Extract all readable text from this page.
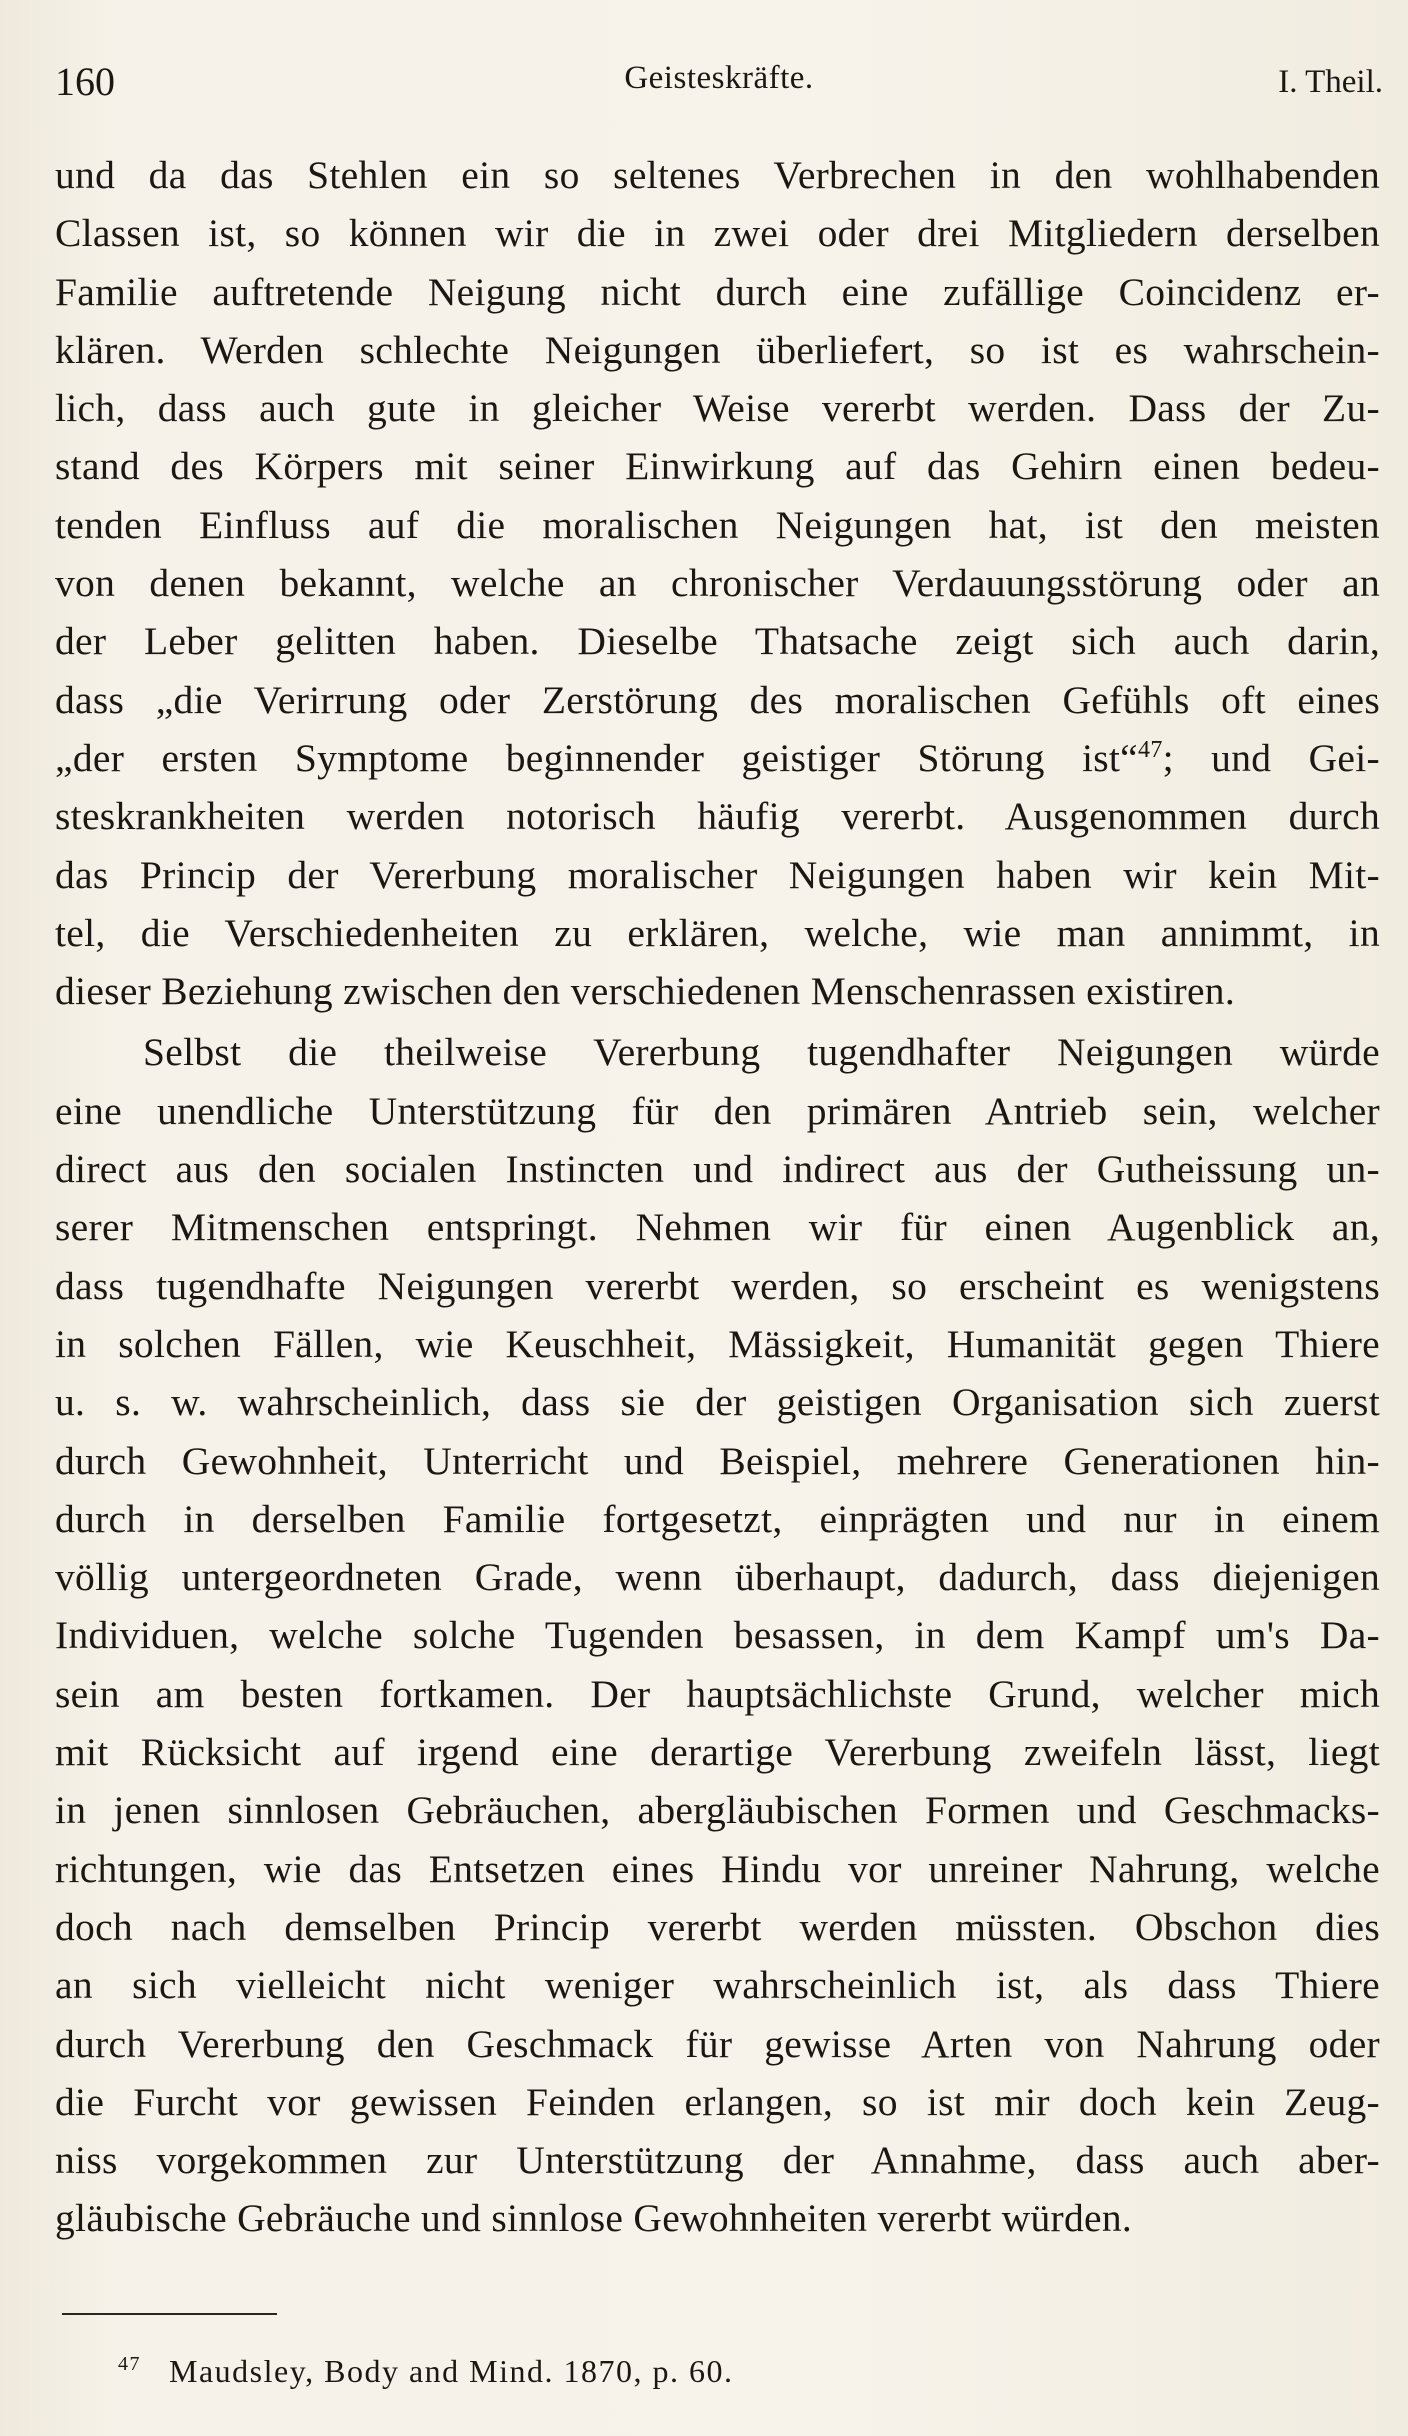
160	Geisteskräfte.	I. Theil.

und da das Stehlen ein so seltenes Verbrechen in den wohlhabenden

Classen ist, so können wir die in zwei oder drei Mitgliedern derselben

Familie auftretende Neigung nicht durch eine zufällige Coincidenz er-

klären. Werden schlechte Neigungen überliefert, so ist es wahrschein-

lich, dass auch gute in gleicher Weise vererbt werden. Dass der Zu-

stand des Körpers mit seiner Einwirkung auf das Gehirn einen bedeu-

tenden Einfluss auf die moralischen Neigungen hat, ist den meisten

von denen bekannt, welche an chronischer Verdauungsstörung oder an

der Leber gelitten haben. Dieselbe Thatsache zeigt sich auch darin,

dass „die Verirrung oder Zerstörung des moralischen Gefühls oft eines

„der ersten Symptome beginnender geistiger Störung ist“$^{47}$; und Gei-

steskrankheiten werden notorisch häufig vererbt. Ausgenommen durch

das Princip der Vererbung moralischer Neigungen haben wir kein Mit-

tel, die Verschiedenheiten zu erklären, welche, wie man annimmt, in

dieser Beziehung zwischen den verschiedenen Menschenrassen existiren.

Selbst die theilweise Vererbung tugendhafter Neigungen würde

eine unendliche Unterstützung für den primären Antrieb sein, welcher

direct aus den socialen Instincten und indirect aus der Gutheissung un-

serer Mitmenschen entspringt. Nehmen wir für einen Augenblick an,

dass tugendhafte Neigungen vererbt werden, so erscheint es wenigstens

in solchen Fällen, wie Keuschheit, Mässigkeit, Humanität gegen Thiere

u. s. w. wahrscheinlich, dass sie der geistigen Organisation sich zuerst

durch Gewohnheit, Unterricht und Beispiel, mehrere Generationen hin-

durch in derselben Familie fortgesetzt, einprägten und nur in einem

völlig untergeordneten Grade, wenn überhaupt, dadurch, dass diejenigen

Individuen, welche solche Tugenden besassen, in dem Kampf um's Da-

sein am besten fortkamen. Der hauptsächlichste Grund, welcher mich

mit Rücksicht auf irgend eine derartige Vererbung zweifeln lässt, liegt

in jenen sinnlosen Gebräuchen, abergläubischen Formen und Geschmacks-

richtungen, wie das Entsetzen eines Hindu vor unreiner Nahrung, welche

doch nach demselben Princip vererbt werden müssten. Obschon dies

an sich vielleicht nicht weniger wahrscheinlich ist, als dass Thiere

durch Vererbung den Geschmack für gewisse Arten von Nahrung oder

die Furcht vor gewissen Feinden erlangen, so ist mir doch kein Zeug-

niss vorgekommen zur Unterstützung der Annahme, dass auch aber-

gläubische Gebräuche und sinnlose Gewohnheiten vererbt würden.

$^{47}$ Maudsley, Body and Mind. 1870, p. 60.
